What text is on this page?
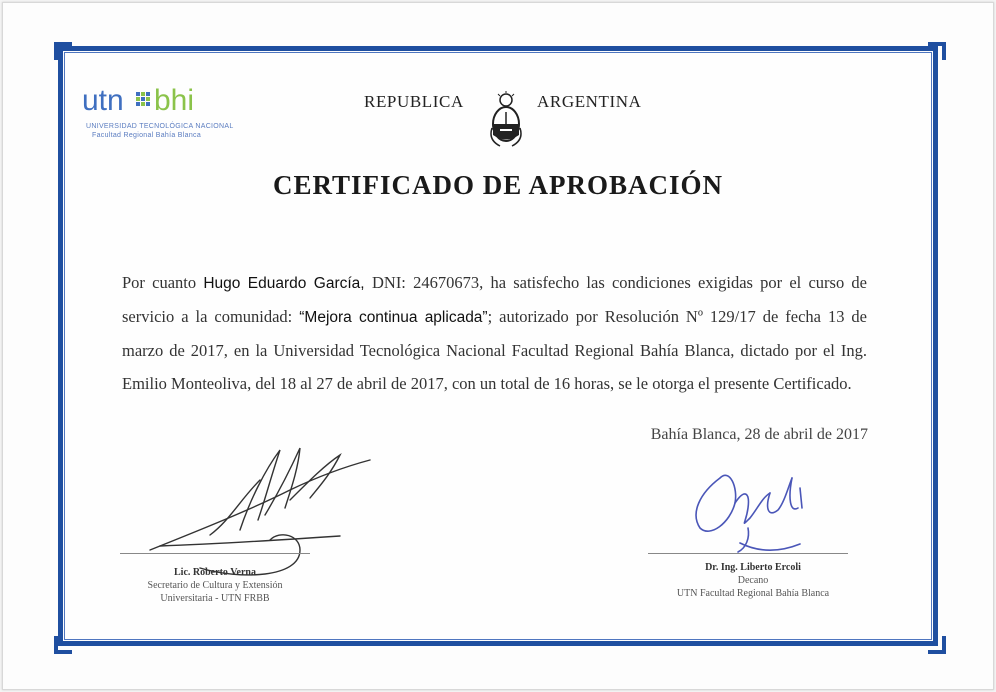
utn bhi
UNIVERSIDAD TECNOLÓGICA NACIONAL
Facultad Regional Bahía Blanca
REPUBLICA	ARGENTINA
CERTIFICADO DE APROBACIÓN
Por cuanto Hugo Eduardo García, DNI: 24670673, ha satisfecho las condiciones exigidas por el curso de servicio a la comunidad: “Mejora continua aplicada”; autorizado por Resolución Nº 129/17 de fecha 13 de marzo de 2017, en la Universidad Tecnológica Nacional Facultad Regional Bahía Blanca, dictado por el Ing. Emilio Monteoliva, del 18 al 27 de abril de 2017, con un total de 16 horas, se le otorga el presente Certificado.
Bahía Blanca, 28 de abril de 2017
Lic. Roberto Verna
Secretario de Cultura y Extensión
Universitaria - UTN FRBB
Dr. Ing. Liberto Ercoli
Decano
UTN Facultad Regional Bahía Blanca
